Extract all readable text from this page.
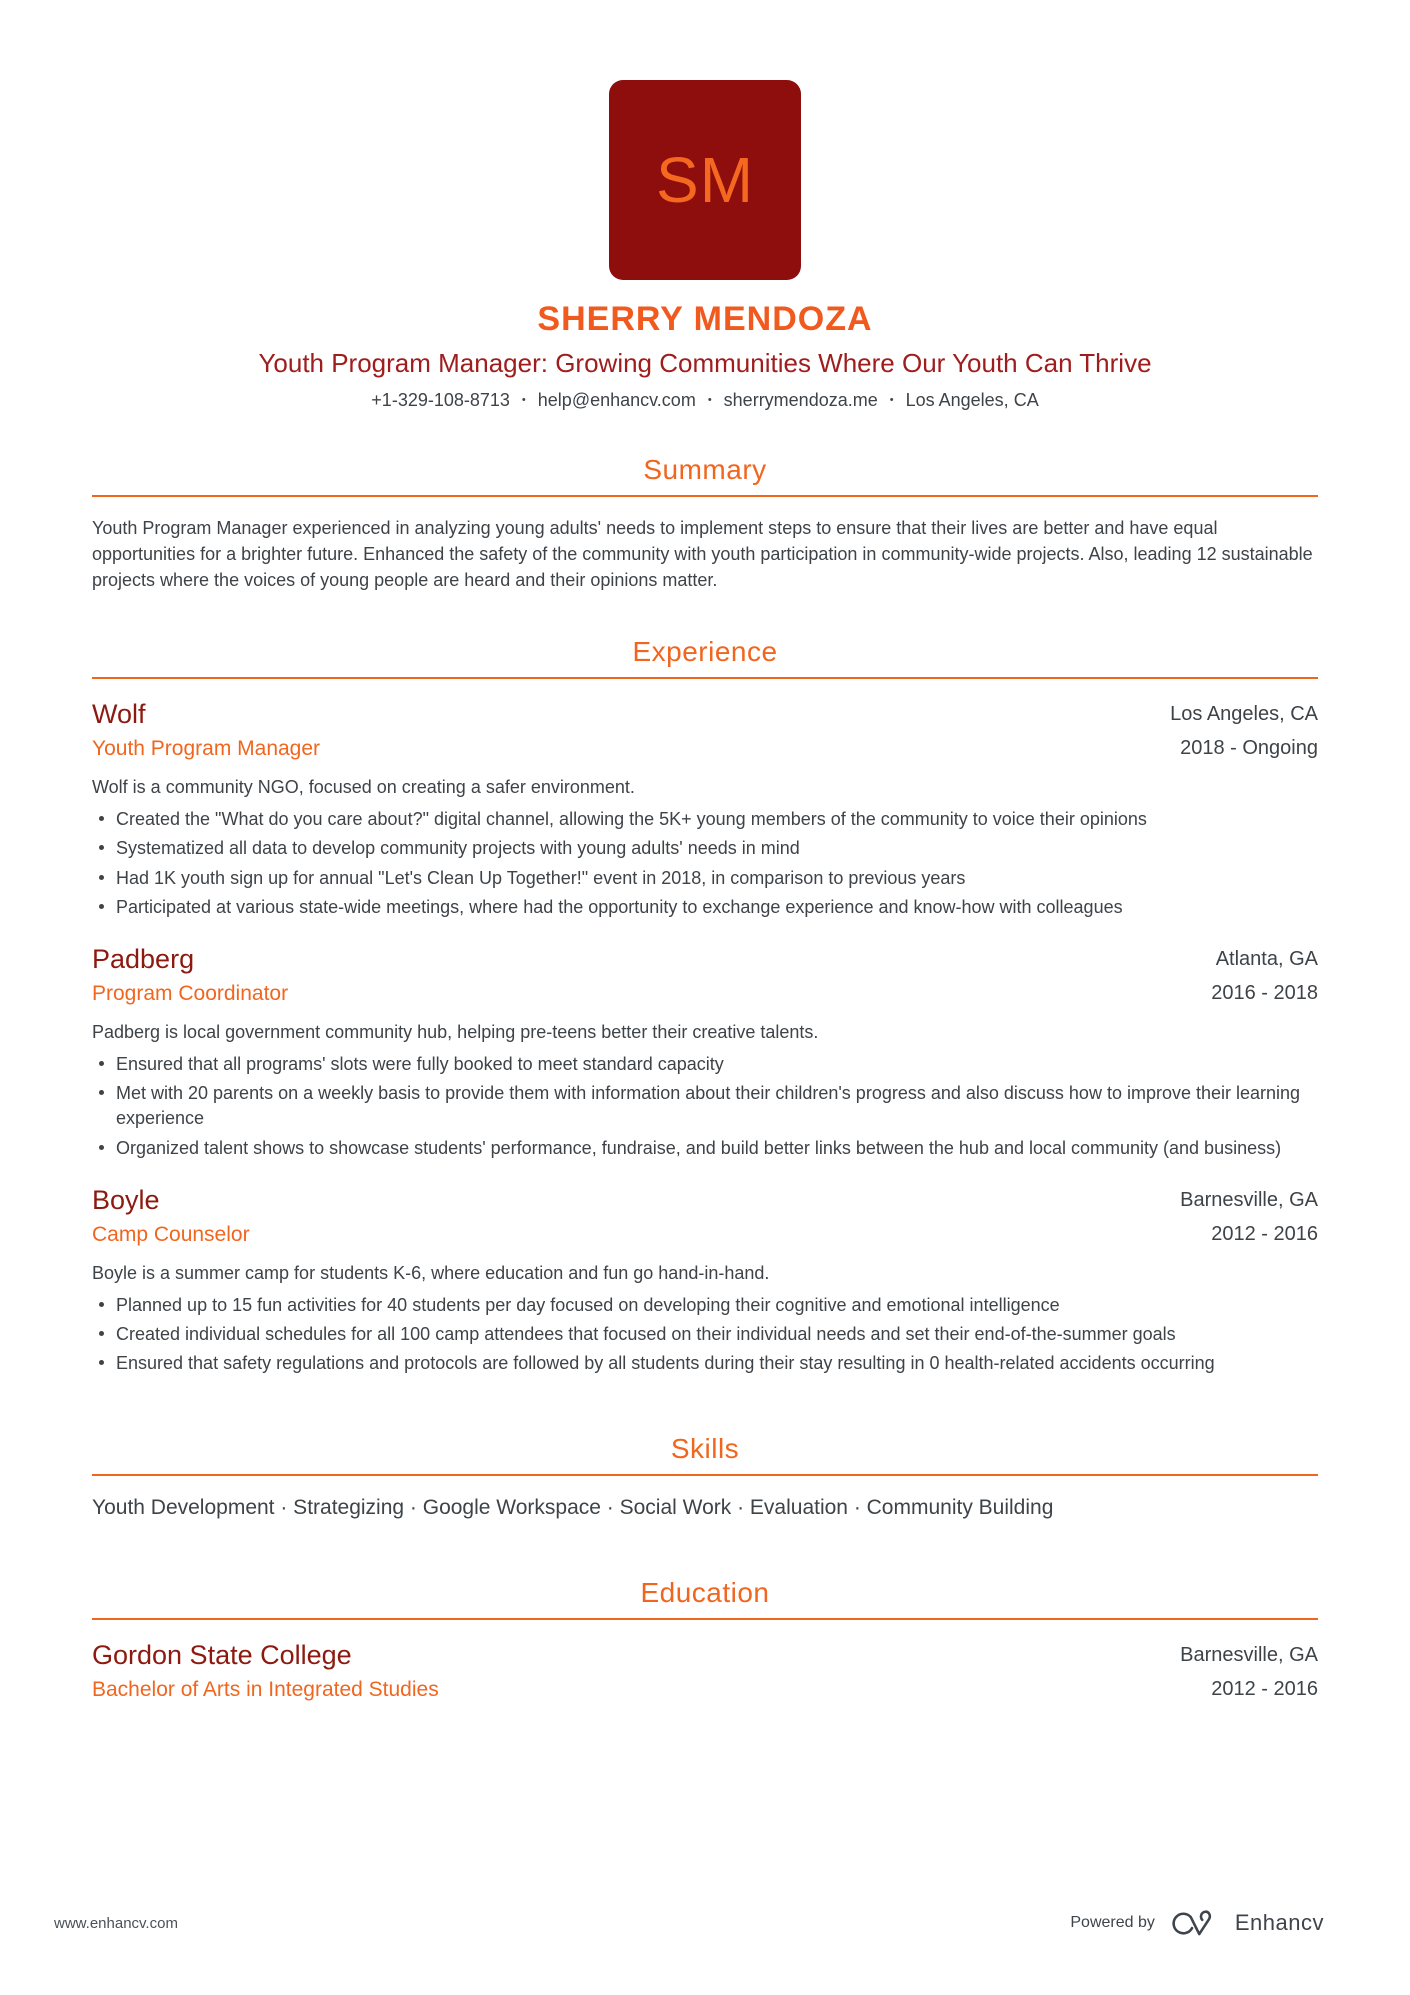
SM
SHERRY MENDOZA
Youth Program Manager: Growing Communities Where Our Youth Can Thrive
+1-329-108-8713 • help@enhancv.com • sherrymendoza.me • Los Angeles, CA
Summary

Youth Program Manager experienced in analyzing young adults' needs to implement steps to ensure that their lives are better and have equal opportunities for a brighter future. Enhanced the safety of the community with youth participation in community-wide projects. Also, leading 12 sustainable projects where the voices of young people are heard and their opinions matter.

Experience
Wolf
Youth Program Manager
Los Angeles, CA
2018 - Ongoing

Wolf is a community NGO, focused on creating a safer environment.

Created the "What do you care about?" digital channel, allowing the 5K+ young members of the community to voice their opinions
Systematized all data to develop community projects with young adults' needs in mind
Had 1K youth sign up for annual "Let's Clean Up Together!" event in 2018, in comparison to previous years
Participated at various state-wide meetings, where had the opportunity to exchange experience and know-how with colleagues
Padberg
Program Coordinator
Atlanta, GA
2016 - 2018

Padberg is local government community hub, helping pre-teens better their creative talents.

Ensured that all programs' slots were fully booked to meet standard capacity
Met with 20 parents on a weekly basis to provide them with information about their children's progress and also discuss how to improve their learning experience
Organized talent shows to showcase students' performance, fundraise, and build better links between the hub and local community (and business)
Boyle
Camp Counselor
Barnesville, GA
2012 - 2016

Boyle is a summer camp for students K-6, where education and fun go hand-in-hand.

Planned up to 15 fun activities for 40 students per day focused on developing their cognitive and emotional intelligence
Created individual schedules for all 100 camp attendees that focused on their individual needs and set their end-of-the-summer goals
Ensured that safety regulations and protocols are followed by all students during their stay resulting in 0 health-related accidents occurring
Skills

Youth Development · Strategizing · Google Workspace · Social Work · Evaluation · Community Building

Education
Gordon State College
Bachelor of Arts in Integrated Studies
Barnesville, GA
2012 - 2016
www.enhancv.com	Powered by	Enhancv
